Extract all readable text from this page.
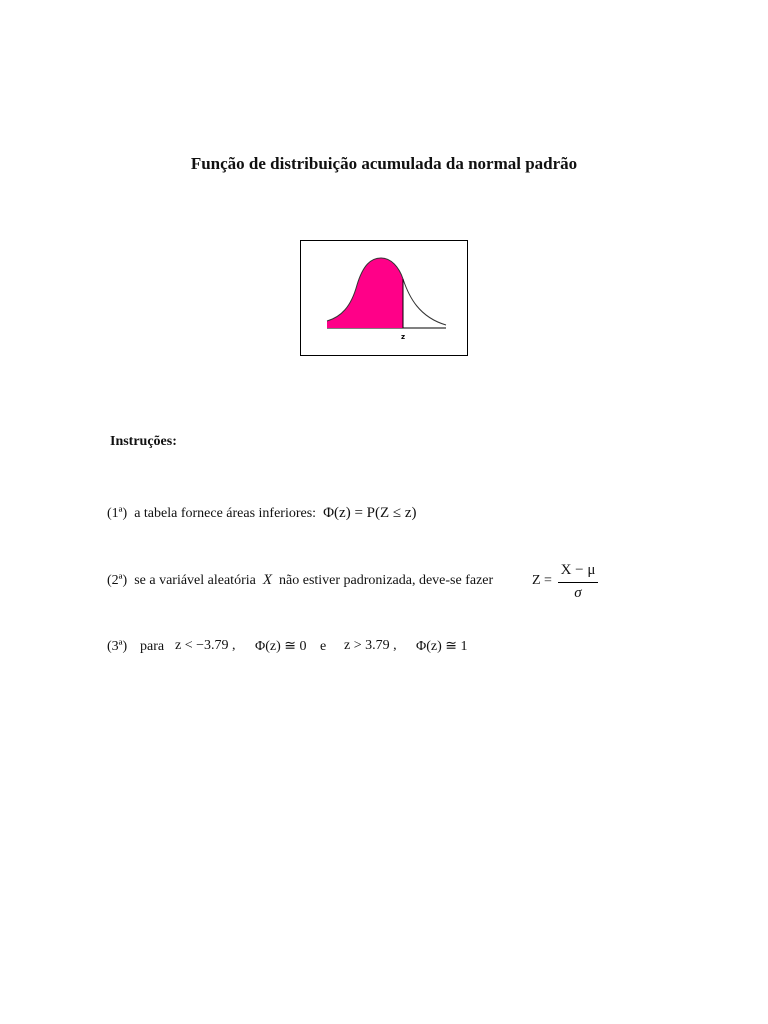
Função de distribuição acumulada da normal padrão
z
Instruções:
(1ª) a tabela fornece áreas inferiores: Φ(z) = P(Z ≤ z)
(2ª) se a variável aleatória X não estiver padronizada, deve-se fazer	$Z = \frac{X - \mu}{\sigma}$
(3ª) para z < −3.79 , Φ(z) ≅ 0 e z > 3.79 , Φ(z) ≅ 1
